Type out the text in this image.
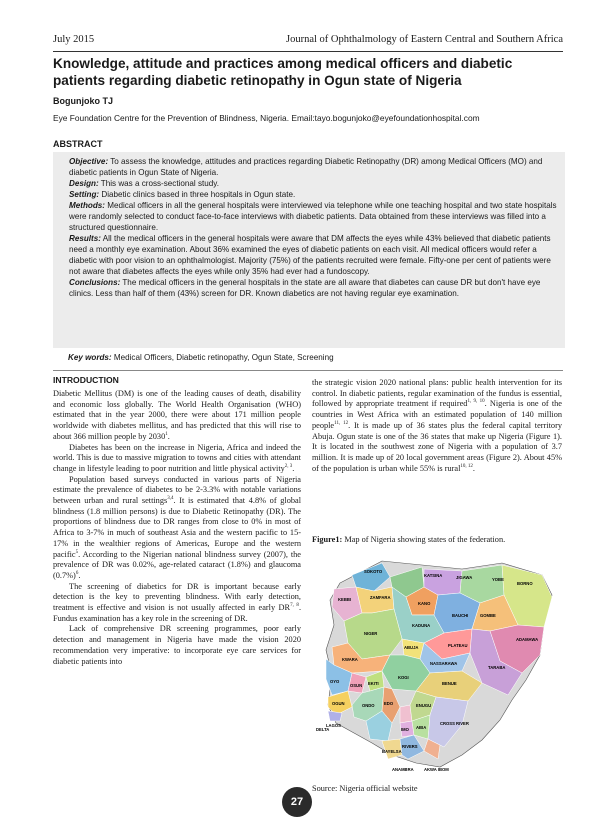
July 2015	Journal of Ophthalmology of Eastern Central and Southern Africa
Knowledge, attitude and practices among medical officers and diabetic patients regarding diabetic retinopathy in Ogun state of Nigeria
Bogunjoko TJ
Eye Foundation Centre for the Prevention of Blindness, Nigeria. Email:tayo.bogunjoko@eyefoundationhospital.com
ABSTRACT

Objective: To assess the knowledge, attitudes and practices regarding Diabetic Retinopathy (DR) among Medical Officers (MO) and diabetic patients in Ogun State of Nigeria.

Design: This was a cross-sectional study.

Setting: Diabetic clinics based in three hospitals in Ogun state.

Methods: Medical officers in all the general hospitals were interviewed via telephone while one teaching hospital and two state hospitals were randomly selected to conduct face-to-face interviews with diabetic patients. Data obtained from these interviews was filled into a structured questionnaire.

Results: All the medical officers in the general hospitals were aware that DM affects the eyes while 43% believed that diabetic patients need a monthly eye examination. About 36% examined the eyes of diabetic patients on each visit. All medical officers would refer a diabetic with poor vision to an ophthalmologist. Majority (75%) of the patients recruited were female. Fifty-one per cent of patients were not aware that diabetes affects the eyes while only 35% had ever had a fundoscopy.

Conclusions: The medical officers in the general hospitals in the state are all aware that diabetes can cause DR but don't have eye clinics. Less than half of them (43%) screen for DR. Known diabetics are not having regular eye examination.

Key words: Medical Officers, Diabetic retinopathy, Ogun State, Screening
INTRODUCTION

Diabetic Mellitus (DM) is one of the leading causes of death, disability and economic loss globally. The World Health Organisation (WHO) estimated that in the year 2000, there were about 171 million people worldwide with diabetes mellitus, and has predicted that this will rise to about 366 million people by 2030$^1$.

Diabetes has been on the increase in Nigeria, Africa and indeed the world. This is due to massive migration to towns and cities with attendant change in lifestyle leading to poor nutrition and little physical activity$^{2, 3}$.

Population based surveys conducted in various parts of Nigeria estimate the prevalence of diabetes to be 2-3.3% with notable variations between urban and rural settings$^{3,4}$. It is estimated that 4.8% of global blindness (1.8 million persons) is due to Diabetic Retinopathy (DR). The proportions of blindness due to DR ranges from close to 0% in most of Africa to 3-7% in much of southeast Asia and the western pacific to 15-17% in the wealthier regions of Americas, Europe and the western pacific$^5$. According to the Nigerian national blindness survey (2007), the prevalence of DR was 0.02%, age-related cataract (1.8%) and glaucoma $(0.7\%)^6$.

The screening of diabetics for DR is important because early detection is the key to preventing blindness. With early detection, treatment is effective and vision is not usually affected in early DR$^{7, 8}$. Fundus examination has a key role in the screening of DR.

Lack of comprehensive DR screening programmes, poor early detection and management in Nigeria have made the vision 2020 recommendation very imperative: to incorporate eye care services for diabetic patients into

the strategic vision 2020 national plans: public health intervention for its control. In diabetic patients, regular examination of the fundus is essential, followed by appropriate treatment if required$^{1, 9, 10}$. Nigeria is one of the countries in West Africa with an estimated population of 140 million people$^{11, 12}$. It is made up of 36 states plus the federal capital territory Abuja. Ogun state is one of the 36 states that make up Nigeria (Figure 1). It is located in the southwest zone of Nigeria with a population of 3.7 million. It is made up of 20 local government areas (Figure 2). About 45% of the population is urban while 55% is rural$^{10, 12}$.

Figure1: Map of Nigeria showing states of the federation.
SOKOTO
KATSINA	JIGAWA	YOBE
BORNO
KEBBI	ZAMFARA
KANO
BAUCHI	GOMBE
ADAMAWA
NIGER
KADUNA
KWARA
PLATEAU
TARABA
OYO
NASSARAWA
BENUE
KOGI
OSUN
OGUN
EKITI
ONDO EDO	ENUGU
ANAMBRA
IMO ABIA
DELTA
RIVERS
BAYELSA
AKWA IBOM
CROSS RIVER
ABUJA
LAGOS
Source: Nigeria official website
27
